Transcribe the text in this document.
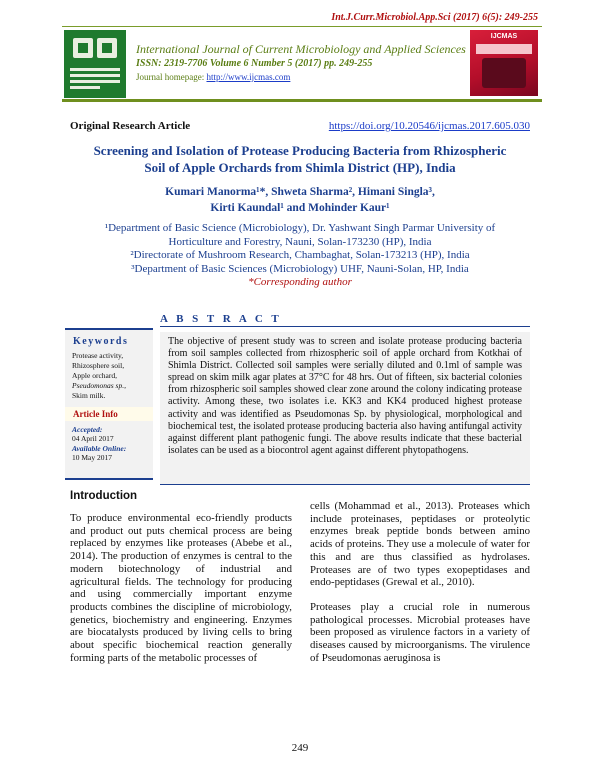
Int.J.Curr.Microbiol.App.Sci (2017) 6(5): 249-255
International Journal of Current Microbiology and Applied Sciences
ISSN: 2319-7706 Volume 6 Number 5 (2017) pp. 249-255
Journal homepage: http://www.ijcmas.com
IJCMAS
Original Research Article	https://doi.org/10.20546/ijcmas.2017.605.030
Screening and Isolation of Protease Producing Bacteria from Rhizospheric
Soil of Apple Orchards from Shimla District (HP), India
Kumari Manorma¹*, Shweta Sharma², Himani Singla³,
Kirti Kaundal¹ and Mohinder Kaur¹
¹Department of Basic Science (Microbiology), Dr. Yashwant Singh Parmar University of
Horticulture and Forestry, Nauni, Solan-173230 (HP), India
²Directorate of Mushroom Research, Chambaghat, Solan-173213 (HP), India
³Department of Basic Sciences (Microbiology) UHF, Nauni-Solan, HP, India
*Corresponding author
A B S T R A C T
Keywords
Protease activity,
Rhizosphere soil,
Apple orchard,
Pseudomonas sp.,
Skim milk.
Article Info
Accepted:
04 April 2017
Available Online:
10 May 2017
The objective of present study was to screen and isolate protease producing bacteria from soil samples collected from rhizospheric soil of apple orchard from Kotkhai of Shimla District. Collected soil samples were serially diluted and 0.1ml of sample was spread on skim milk agar plates at 37°C for 48 hrs. Out of fifteen, six bacterial colonies from rhizospheric soil samples showed clear zone around the colony indicating protease activity. Among these, two isolates i.e. KK3 and KK4 produced highest protease activity and was identified as Pseudomonas Sp. by physiological, morphological and biochemical test, the isolated protease producing bacteria also having antifungal activity against different plant pathogenic fungi. The above results indicate that these bacterial isolates can be used as a biocontrol agent against different phytopathogens.
Introduction

To produce environmental eco-friendly products and product out puts chemical process are being replaced by enzymes like proteases (Abebe et al., 2014). The production of enzymes is central to the modern biotechnology of industrial and agricultural fields. The technology for producing and using commercially important enzyme products combines the discipline of microbiology, genetics, biochemistry and engineering. Enzymes are biocatalysts produced by living cells to bring about specific biochemical reaction generally forming parts of the metabolic processes of

cells (Mohammad et al., 2013). Proteases which include proteinases, peptidases or proteolytic enzymes break peptide bonds between amino acids of proteins. They use a molecule of water for this and are thus classified as hydrolases. Proteases are of two types exopeptidases and endo-peptidases (Grewal et al., 2010).

Proteases play a crucial role in numerous pathological processes. Microbial proteases have been proposed as virulence factors in a variety of diseases caused by microorganisms. The virulence of Pseudomonas aeruginosa is

249
